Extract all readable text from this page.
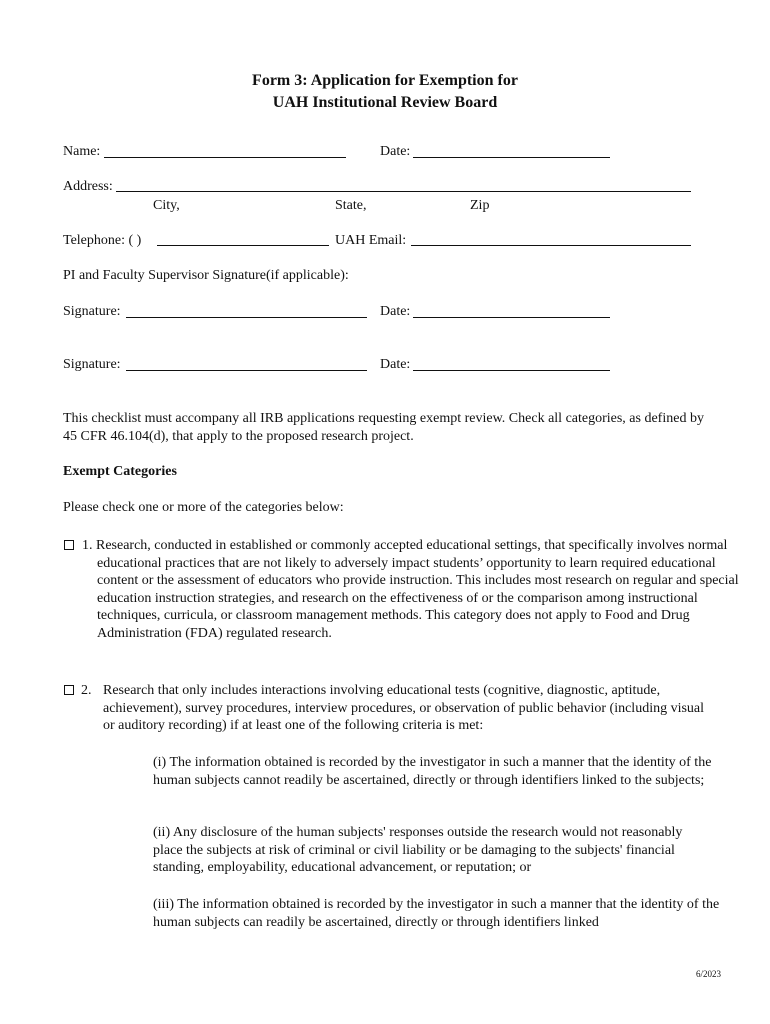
Form 3: Application for Exemption for
UAH Institutional Review Board
Name:	Date:
Address:
City,	State,	Zip
Telephone: ( )	UAH Email:
PI and Faculty Supervisor Signature(if applicable):
Signature:	Date:
Signature:	Date:
This checklist must accompany all IRB applications requesting exempt review. Check all categories, as defined by 45 CFR 46.104(d), that apply to the proposed research project.
Exempt Categories
Please check one or more of the categories below:
1. Research, conducted in established or commonly accepted educational settings, that specifically involves normal educational practices that are not likely to adversely impact students’ opportunity to learn required educational content or the assessment of educators who provide instruction. This includes most research on regular and special education instruction strategies, and research on the effectiveness of or the comparison among instructional techniques, curricula, or classroom management methods. This category does not apply to Food and Drug Administration (FDA) regulated research.
2. Research that only includes interactions involving educational tests (cognitive, diagnostic, aptitude, achievement), survey procedures, interview procedures, or observation of public behavior (including visual or auditory recording) if at least one of the following criteria is met:
(i) The information obtained is recorded by the investigator in such a manner that the identity of the human subjects cannot readily be ascertained, directly or through identifiers linked to the subjects;
(ii) Any disclosure of the human subjects' responses outside the research would not reasonably place the subjects at risk of criminal or civil liability or be damaging to the subjects' financial standing, employability, educational advancement, or reputation; or
(iii) The information obtained is recorded by the investigator in such a manner that the identity of the human subjects can readily be ascertained, directly or through identifiers linked
6/2023
